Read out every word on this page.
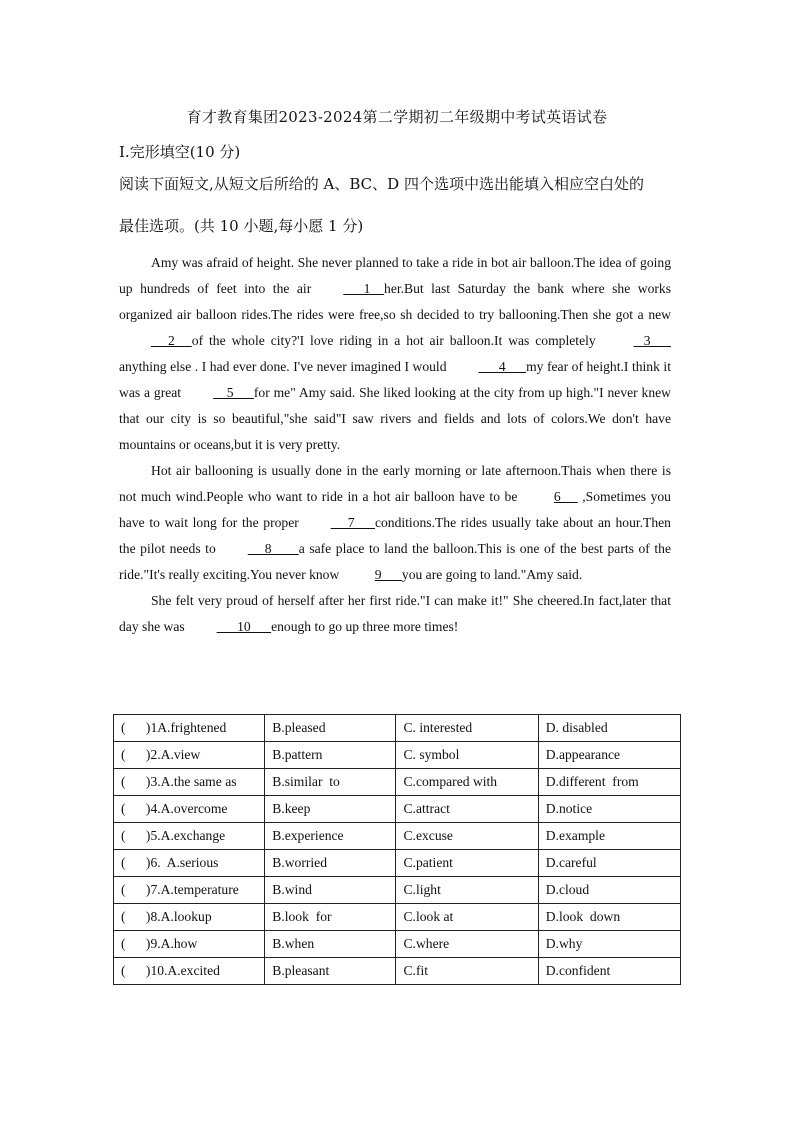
育才教育集团2023-2024第二学期初二年级期中考试英语试卷
I.完形填空(10 分)
阅读下面短文,从短文后所给的 A、BC、D 四个选项中选出能填入相应空白处的
最佳选项。(共 10 小题,每小愿 1 分)

Amy was afraid of height. She never planned to take a ride in bot air balloon.The idea of going up hundreds of feet into the air      1    her.But last Saturday the bank where she works organized air balloon rides.The rides were free,so sh decided to try ballooning.Then she got a new     2     of the whole city?'I love riding in a hot air balloon.It was completely    3      anything else . I had ever done. I've never imagined I would      4      my fear of height.I think it was a great    5      for me" Amy said. She liked looking at the city from up high."I never knew that our city is so beautiful,"she said"I saw rivers and fields and lots of colors.We don't have mountains or oceans,but it is very pretty.

Hot air ballooning is usually done in the early morning or late afternoon.Thais when there is not much wind.People who want to ride in a hot air balloon have to be 6      ,Sometimes you have to wait long for the proper     7      conditions.The rides usually take about an hour.Then the pilot needs to     8        a safe place to land the balloon.This is one of the best parts of the ride."It's really exciting.You never know 9      you are going to land."Amy said.

She felt very proud of herself after her first ride."I can make it!" She cheered.In fact,later that day she was      10      enough to go up three more times!

(      )1A.frightened	B.pleased	C. interested	D. disabled
(      )2.A.view	B.pattern	C. symbol	D.appearance
(      )3.A.the same as	B.similar  to	C.compared with	D.different  from
(      )4.A.overcome	B.keep	C.attract	D.notice
(      )5.A.exchange	B.experience	C.excuse	D.example
(      )6.  A.serious	B.worried	C.patient	D.careful
(      )7.A.temperature	B.wind	C.light	D.cloud
(      )8.A.lookup	B.look  for	C.look at	D.look  down
(      )9.A.how	B.when	C.where	D.why
(      )10.A.excited	B.pleasant	C.fit	D.confident
